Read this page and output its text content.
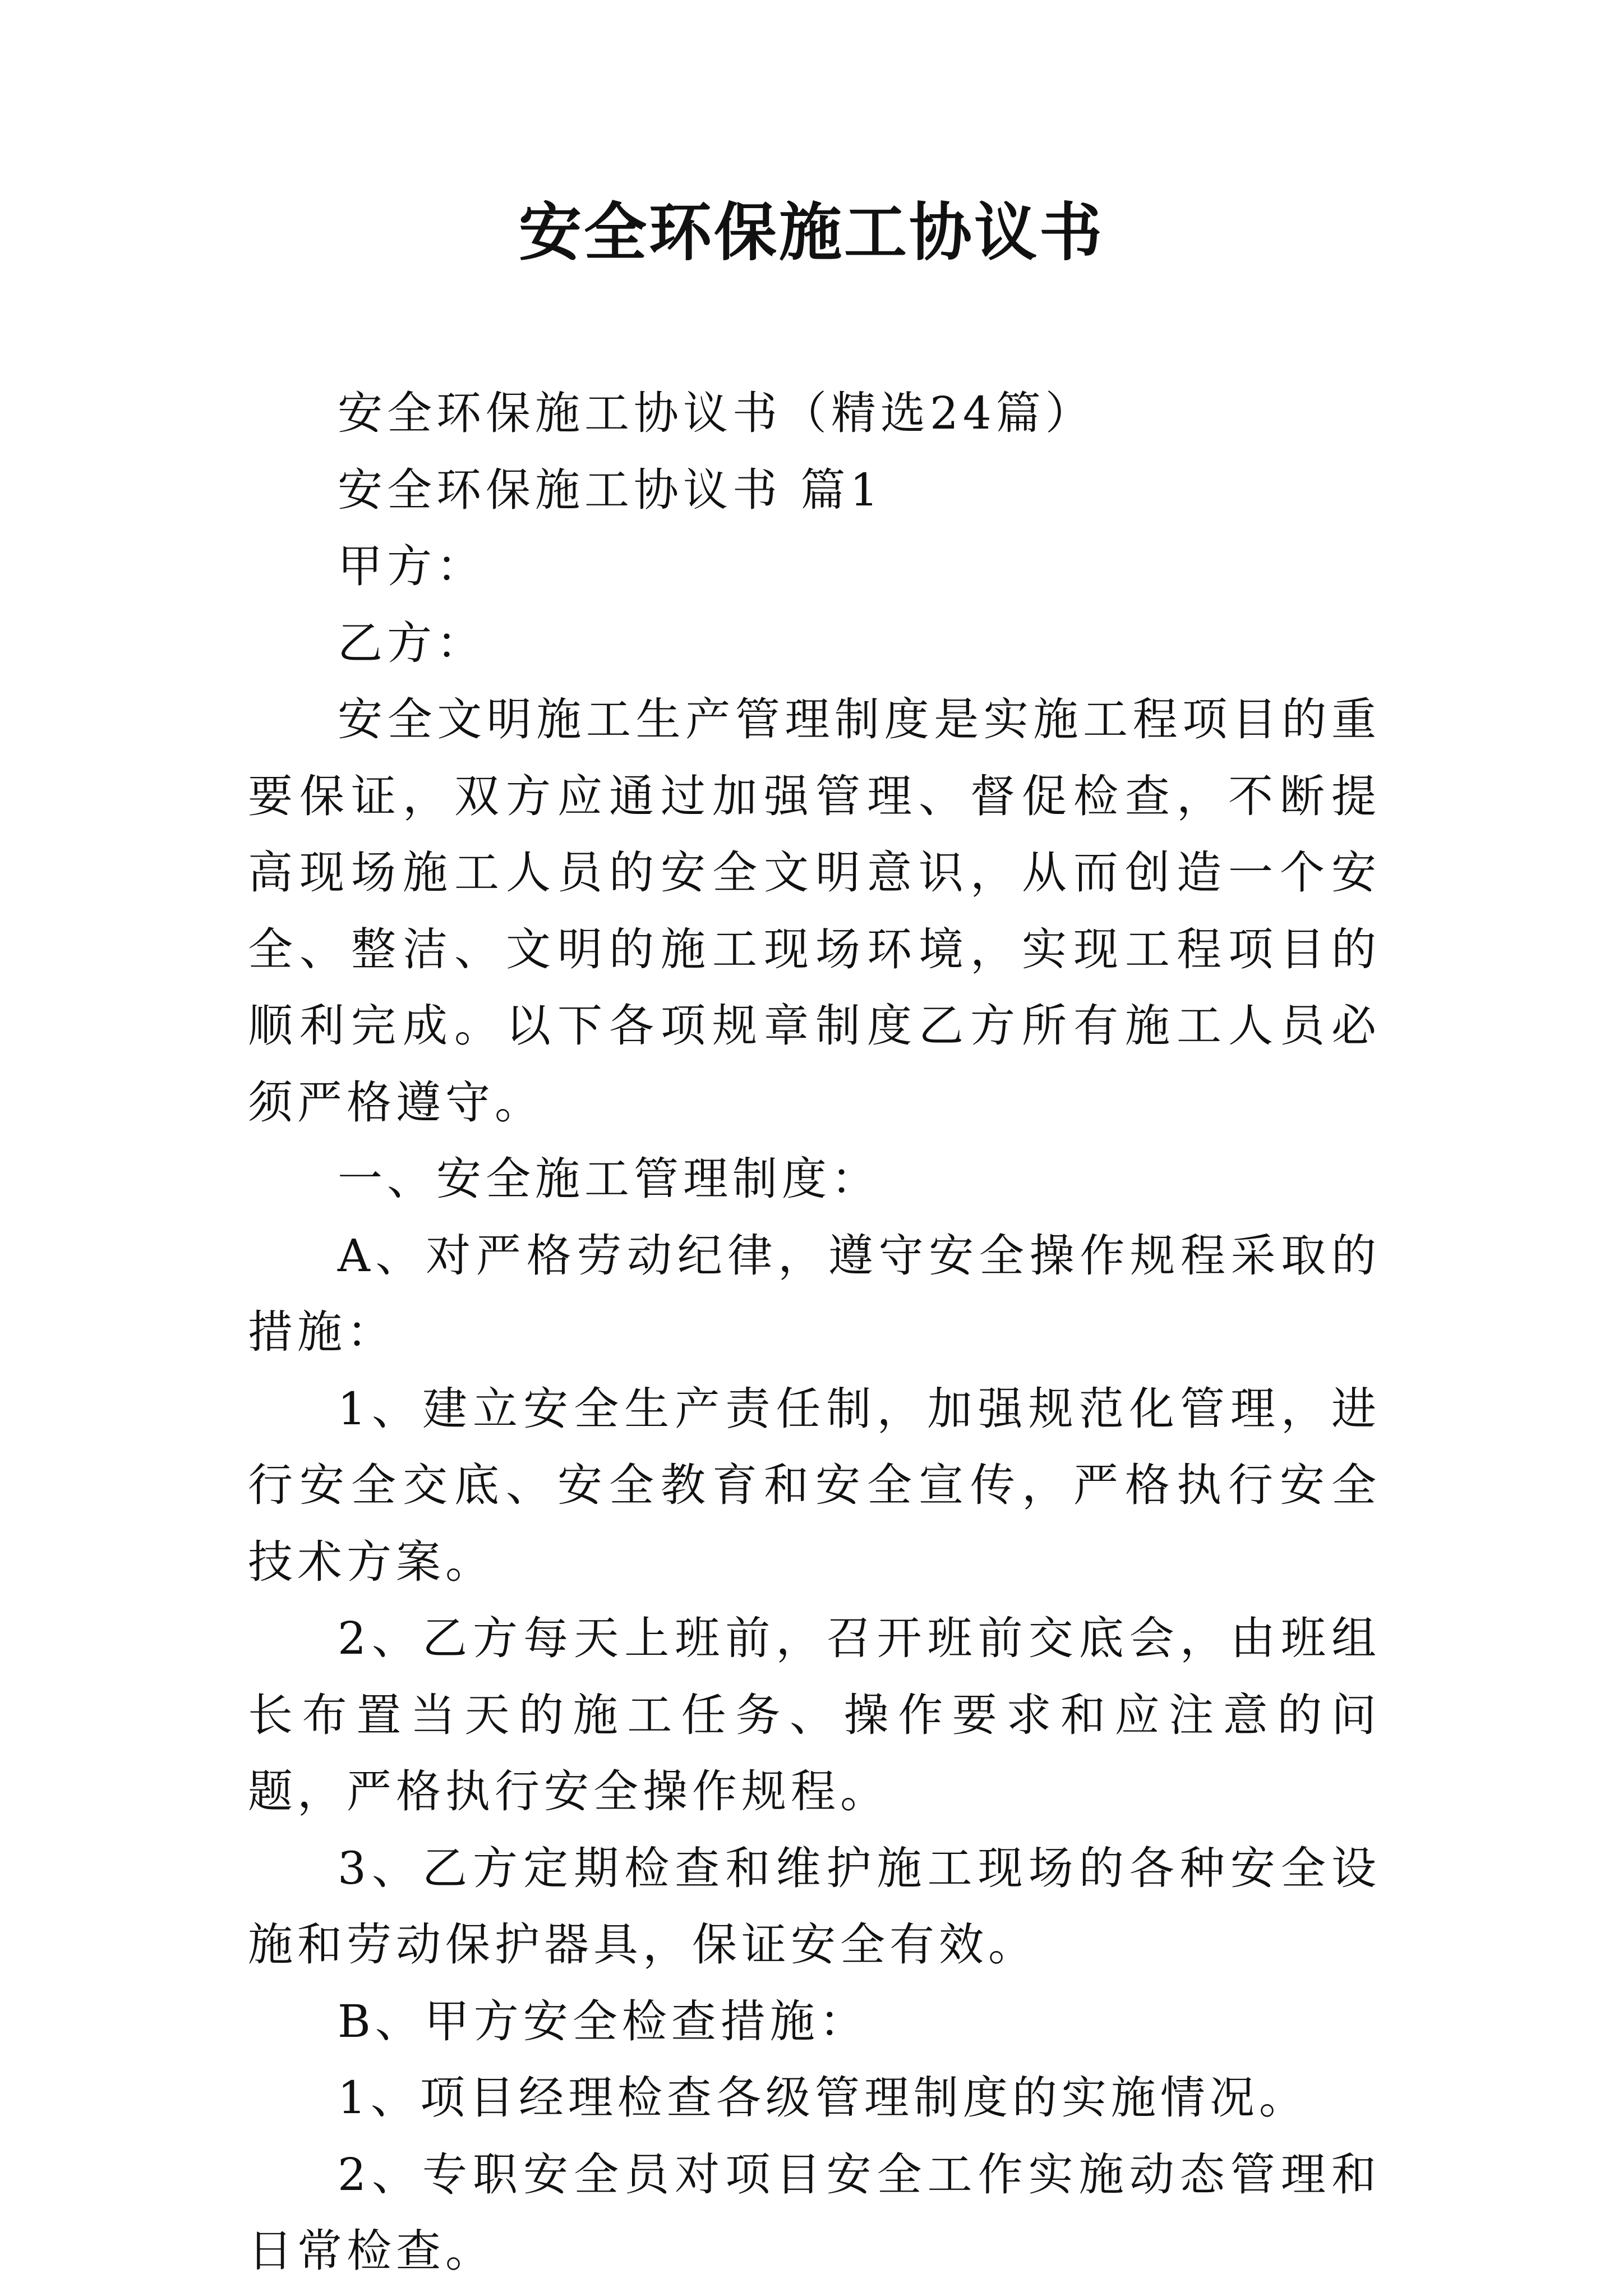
安全环保施工协议书

安全环保施工协议书（精选24篇）

安全环保施工协议书 篇1

甲方：

乙方：

安全文明施工生产管理制度是实施工程项目的重要保证，双方应通过加强管理、督促检查，不断提高现场施工人员的安全文明意识，从而创造一个安全、整洁、文明的施工现场环境，实现工程项目的顺利完成。以下各项规章制度乙方所有施工人员必须严格遵守。

一、安全施工管理制度：

A、对严格劳动纪律，遵守安全操作规程采取的措施：

1、建立安全生产责任制，加强规范化管理，进行安全交底、安全教育和安全宣传，严格执行安全技术方案。

2、乙方每天上班前，召开班前交底会，由班组长布置当天的施工任务、操作要求和应注意的问题，严格执行安全操作规程。

3、乙方定期检查和维护施工现场的各种安全设施和劳动保护器具，保证安全有效。

B、甲方安全检查措施：

1、项目经理检查各级管理制度的实施情况。

2、专职安全员对项目安全工作实施动态管理和日常检查。
